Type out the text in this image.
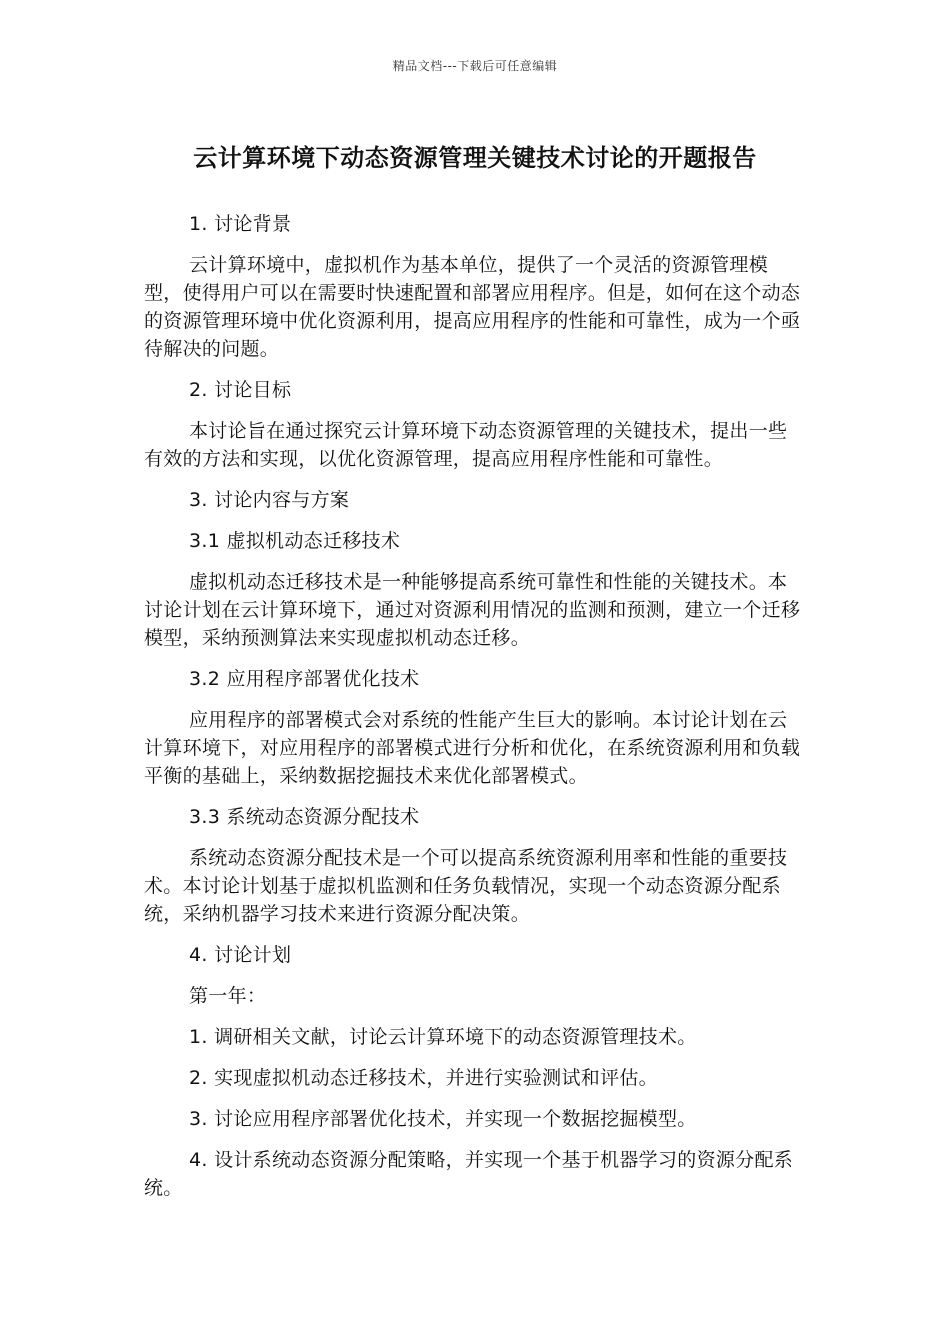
精品文档---下载后可任意编辑
云计算环境下动态资源管理关键技术讨论的开题报告

1. 讨论背景

云计算环境中，虚拟机作为基本单位，提供了一个灵活的资源管理模型，使得用户可以在需要时快速配置和部署应用程序。但是，如何在这个动态的资源管理环境中优化资源利用，提高应用程序的性能和可靠性，成为一个亟待解决的问题。

2. 讨论目标

本讨论旨在通过探究云计算环境下动态资源管理的关键技术，提出一些有效的方法和实现，以优化资源管理，提高应用程序性能和可靠性。

3. 讨论内容与方案

3.1 虚拟机动态迁移技术

虚拟机动态迁移技术是一种能够提高系统可靠性和性能的关键技术。本讨论计划在云计算环境下，通过对资源利用情况的监测和预测，建立一个迁移模型，采纳预测算法来实现虚拟机动态迁移。

3.2 应用程序部署优化技术

应用程序的部署模式会对系统的性能产生巨大的影响。本讨论计划在云计算环境下，对应用程序的部署模式进行分析和优化，在系统资源利用和负载平衡的基础上，采纳数据挖掘技术来优化部署模式。

3.3 系统动态资源分配技术

系统动态资源分配技术是一个可以提高系统资源利用率和性能的重要技术。本讨论计划基于虚拟机监测和任务负载情况，实现一个动态资源分配系统，采纳机器学习技术来进行资源分配决策。

4. 讨论计划

第一年：

1. 调研相关文献，讨论云计算环境下的动态资源管理技术。

2. 实现虚拟机动态迁移技术，并进行实验测试和评估。

3. 讨论应用程序部署优化技术，并实现一个数据挖掘模型。

4. 设计系统动态资源分配策略，并实现一个基于机器学习的资源分配系统。
